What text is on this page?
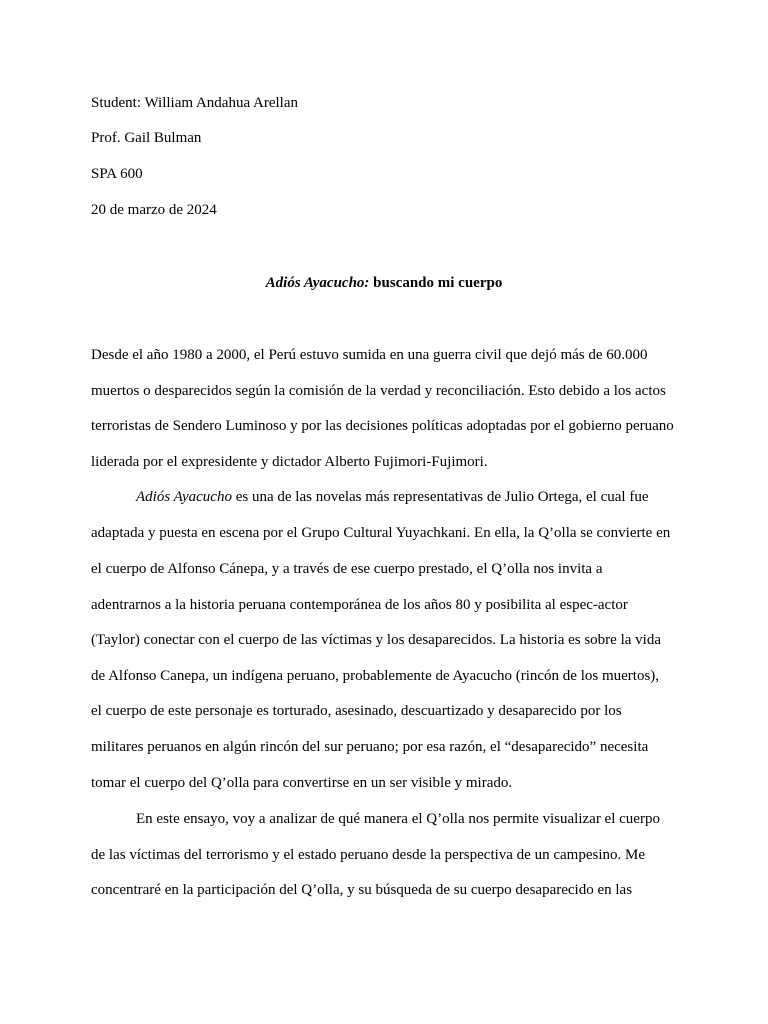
Student: William Andahua Arellan
Prof. Gail Bulman
SPA 600
20 de marzo de 2024
Adiós Ayacucho: buscando mi cuerpo
Desde el año 1980 a 2000, el Perú estuvo sumida en una guerra civil que dejó más de 60.000
muertos o desparecidos según la comisión de la verdad y reconciliación. Esto debido a los actos
terroristas de Sendero Luminoso y por las decisiones políticas adoptadas por el gobierno peruano
liderada por el expresidente y dictador Alberto Fujimori-Fujimori.
Adiós Ayacucho es una de las novelas más representativas de Julio Ortega, el cual fue
adaptada y puesta en escena por el Grupo Cultural Yuyachkani. En ella, la Q’olla se convierte en
el cuerpo de Alfonso Cánepa, y a través de ese cuerpo prestado, el Q’olla nos invita a
adentrarnos a la historia peruana contemporánea de los años 80 y posibilita al espec-actor
(Taylor) conectar con el cuerpo de las víctimas y los desaparecidos. La historia es sobre la vida
de Alfonso Canepa, un indígena peruano, probablemente de Ayacucho (rincón de los muertos),
el cuerpo de este personaje es torturado, asesinado, descuartizado y desaparecido por los
militares peruanos en algún rincón del sur peruano; por esa razón, el “desaparecido” necesita
tomar el cuerpo del Q’olla para convertirse en un ser visible y mirado.
En este ensayo, voy a analizar de qué manera el Q’olla nos permite visualizar el cuerpo
de las víctimas del terrorismo y el estado peruano desde la perspectiva de un campesino. Me
concentraré en la participación del Q’olla, y su búsqueda de su cuerpo desaparecido en las
